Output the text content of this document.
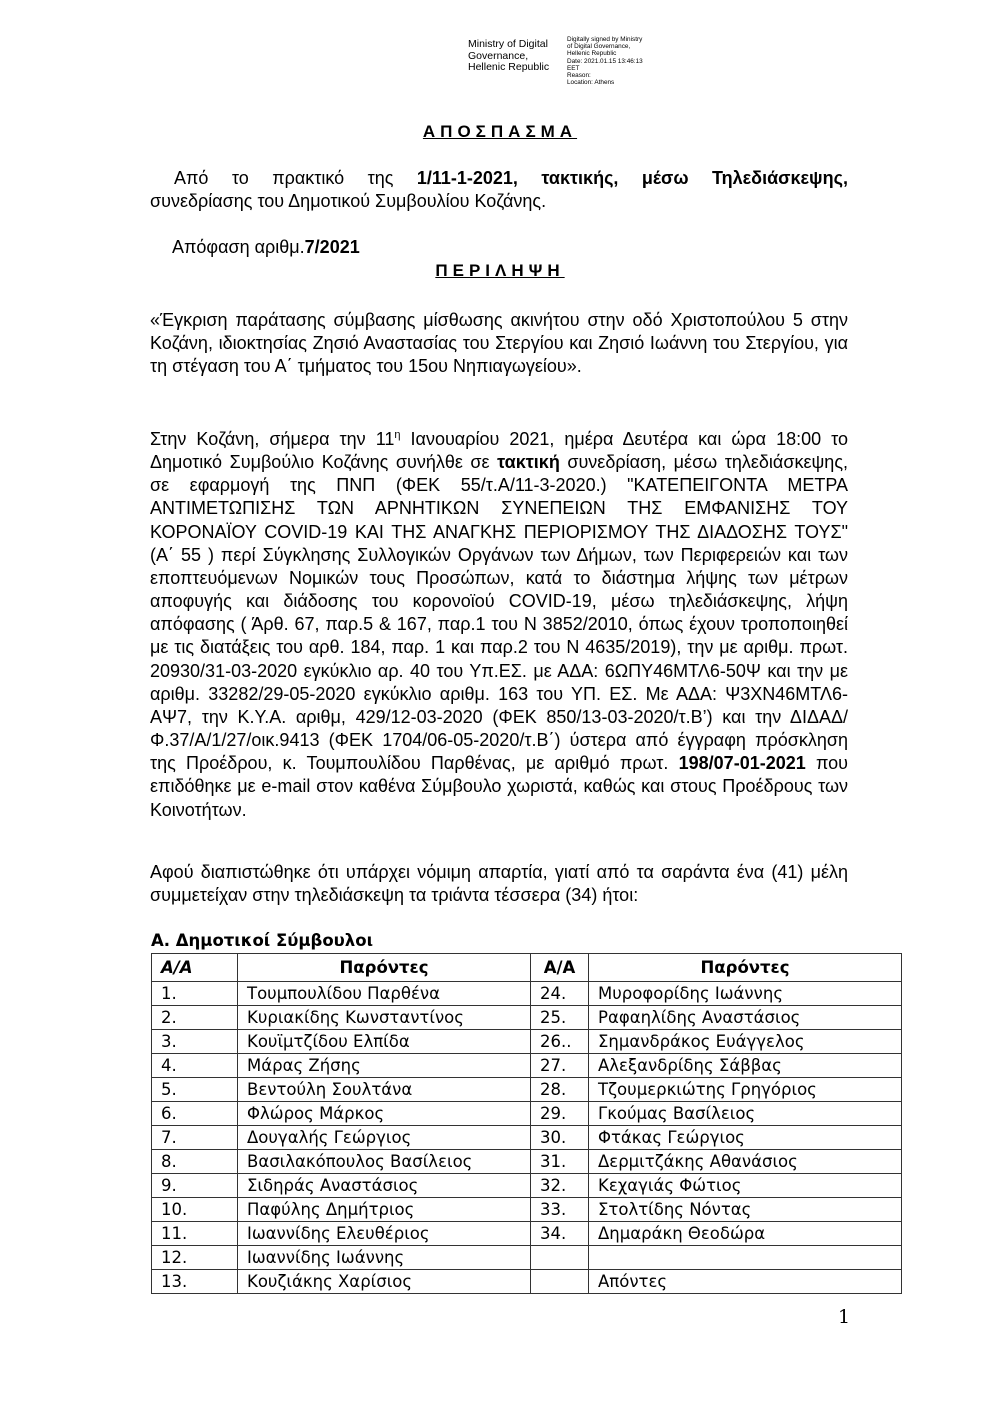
Ministry of Digital
Governance,
Hellenic Republic
Digitally signed by Ministry
of Digital Governance,
Hellenic Republic
Date: 2021.01.15 13:46:13
EET
Reason:
Location: Athens
ΑΠΟΣΠΑΣΜΑ
Από το πρακτικό της 1/11-1-2021, τακτικής, μέσω Τηλεδιάσκεψης,
συνεδρίασης του Δημοτικού Συμβουλίου Κοζάνης.
Απόφαση αριθμ.7/2021
ΠΕΡΙΛΗΨΗ
«Έγκριση παράτασης σύμβασης μίσθωσης ακινήτου στην οδό Χριστοπούλου 5 στην Κοζάνη, ιδιοκτησίας Ζησιό Αναστασίας του Στεργίου και Ζησιό Ιωάννη του Στεργίου, για τη στέγαση του Α΄ τμήματος του 15ου Νηπιαγωγείου».
Στην Κοζάνη, σήμερα την $11^\eta$ Ιανουαρίου 2021, ημέρα Δευτέρα και ώρα 18:00 το Δημοτικό Συμβούλιο Κοζάνης συνήλθε σε τακτική συνεδρίαση, μέσω τηλεδιάσκεψης, σε εφαρμογή της ΠΝΠ (ΦΕΚ 55/τ.Α/11-3-2020.) "ΚΑΤΕΠΕΙΓΟΝΤΑ ΜΕΤΡΑ ΑΝΤΙΜΕΤΩΠΙΣΗΣ ΤΩΝ ΑΡΝΗΤΙΚΩΝ ΣΥΝΕΠΕΙΩΝ ΤΗΣ ΕΜΦΑΝΙΣΗΣ ΤΟΥ ΚΟΡΟΝΑΪΟΥ COVID-19 ΚΑΙ ΤΗΣ ΑΝΑΓΚΗΣ ΠΕΡΙΟΡΙΣΜΟΥ ΤΗΣ ΔΙΑΔΟΣΗΣ ΤΟΥΣ" (Α΄ 55 ) περί Σύγκλησης Συλλογικών Οργάνων των Δήμων, των Περιφερειών και των εποπτευόμενων Νομικών τους Προσώπων, κατά το διάστημα λήψης των μέτρων αποφυγής και διάδοσης του κορονοϊού COVID-19, μέσω τηλεδιάσκεψης, λήψη απόφασης ( Άρθ. 67, παρ.5 & 167, παρ.1 του Ν 3852/2010, όπως έχουν τροποποιηθεί με τις διατάξεις του αρθ. 184, παρ. 1 και παρ.2 του Ν 4635/2019), την με αριθμ. πρωτ. 20930/31-03-2020 εγκύκλιο αρ. 40 του Υπ.ΕΣ. με ΑΔΑ: 6ΩΠΥ46ΜΤΛ6-50Ψ και την με αριθμ. 33282/29-05-2020 εγκύκλιο αριθμ. 163 του ΥΠ. ΕΣ. Με ΑΔΑ: Ψ3ΧΝ46ΜΤΛ6-ΑΨ7, την Κ.Υ.Α. αριθμ, 429/12-03-2020 (ΦΕΚ 850/13-03-2020/τ.Β’) και την ΔΙΔΑΔ/Φ.37/Α/1/27/οικ.9413 (ΦΕΚ 1704/06-05-2020/τ.Β΄) ύστερα από έγγραφη πρόσκληση της Προέδρου, κ. Τουμπουλίδου Παρθένας, με αριθμό πρωτ. 198/07-01-2021 που επιδόθηκε με e-mail στον καθένα Σύμβουλο χωριστά, καθώς και στους Προέδρους των Κοινοτήτων.
Αφού διαπιστώθηκε ότι υπάρχει νόμιμη απαρτία, γιατί από τα σαράντα ένα (41) μέλη συμμετείχαν στην τηλεδιάσκεψη τα τριάντα τέσσερα (34) ήτοι:
Α. Δημοτικοί Σύμβουλοι
Α/Α	Παρόντες	Α/Α	Παρόντες
1.	Τουμπουλίδου Παρθένα	24.	Μυροφορίδης Ιωάννης
2.	Κυριακίδης Κωνσταντίνος	25.	Ραφαηλίδης Αναστάσιος
3.	Κουϊμτζίδου Ελπίδα	26..	Σημανδράκος Ευάγγελος
4.	Μάρας Ζήσης	27.	Αλεξανδρίδης Σάββας
5.	Βεντούλη Σουλτάνα	28.	Τζουμερκιώτης Γρηγόριος
6.	Φλώρος Μάρκος	29.	Γκούμας Βασίλειος
7.	Δουγαλής Γεώργιος	30.	Φτάκας Γεώργιος
8.	Βασιλακόπουλος Βασίλειος	31.	Δερμιτζάκης Αθανάσιος
9.	Σιδηράς Αναστάσιος	32.	Κεχαγιάς Φώτιος
10.	Παφύλης Δημήτριος	33.	Στολτίδης Νόντας
11.	Ιωαννίδης Ελευθέριος	34.	Δημαράκη Θεοδώρα
12.	Ιωαννίδης Ιωάννης		
13.	Κουζιάκης Χαρίσιος		Απόντες
1
